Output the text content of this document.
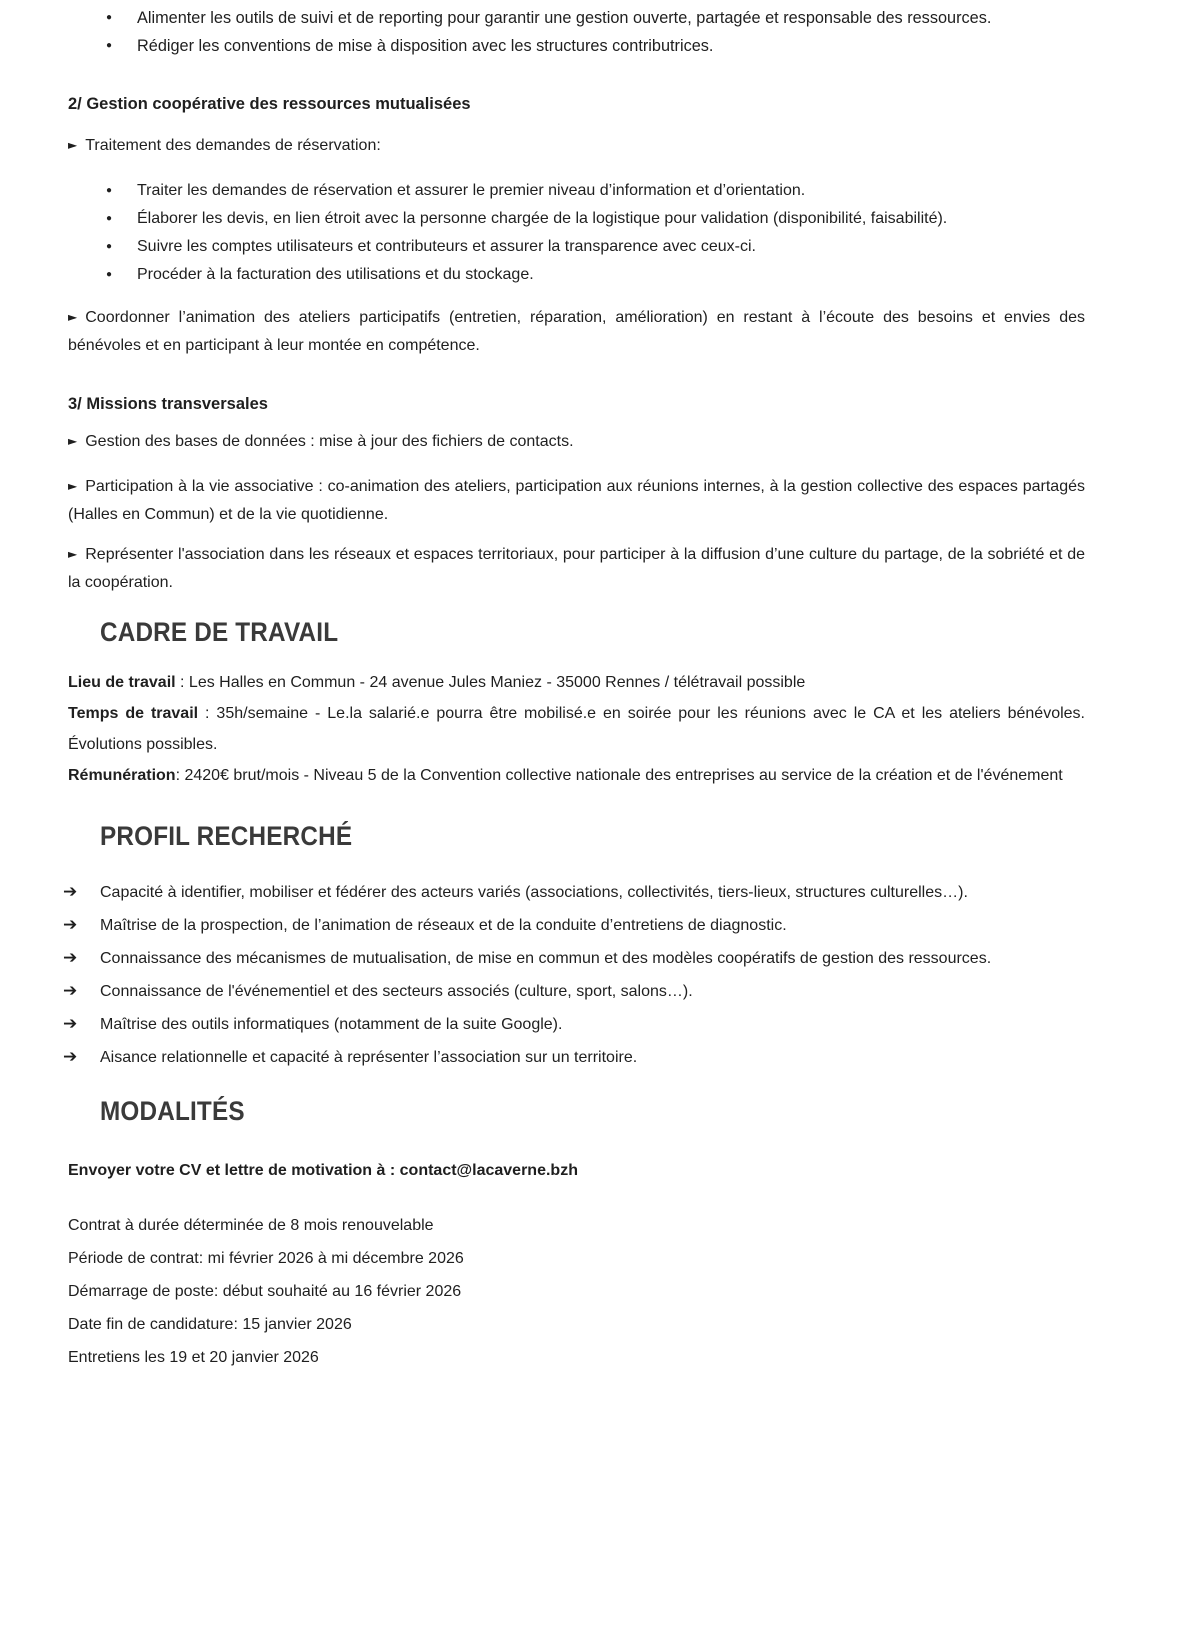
● Alimenter les outils de suivi et de reporting pour garantir une gestion ouverte, partagée et responsable des ressources.
● Rédiger les conventions de mise à disposition avec les structures contributrices.
2/ Gestion coopérative des ressources mutualisées

► Traitement des demandes de réservation:

● Traiter les demandes de réservation et assurer le premier niveau d’information et d’orientation.
● Élaborer les devis, en lien étroit avec la personne chargée de la logistique pour validation (disponibilité, faisabilité).
● Suivre les comptes utilisateurs et contributeurs et assurer la transparence avec ceux-ci.
● Procéder à la facturation des utilisations et du stockage.

► Coordonner l’animation des ateliers participatifs (entretien, réparation, amélioration) en restant à l’écoute des besoins et envies des bénévoles et en participant à leur montée en compétence.

3/ Missions transversales

► Gestion des bases de données : mise à jour des fichiers de contacts.

► Participation à la vie associative : co-animation des ateliers, participation aux réunions internes, à la gestion collective des espaces partagés (Halles en Commun) et de la vie quotidienne.

► Représenter l'association dans les réseaux et espaces territoriaux, pour participer à la diffusion d’une culture du partage, de la sobriété et de la coopération.

CADRE DE TRAVAIL

Lieu de travail : Les Halles en Commun - 24 avenue Jules Maniez - 35000 Rennes / télétravail possible

Temps de travail : 35h/semaine - Le.la salarié.e pourra être mobilisé.e en soirée pour les réunions avec le CA et les ateliers bénévoles. Évolutions possibles.

Rémunération: 2420€ brut/mois - Niveau 5 de la Convention collective nationale des entreprises au service de la création et de l'événement

PROFIL RECHERCHÉ
➔ Capacité à identifier, mobiliser et fédérer des acteurs variés (associations, collectivités, tiers-lieux, structures culturelles…).
➔ Maîtrise de la prospection, de l’animation de réseaux et de la conduite d’entretiens de diagnostic.
➔ Connaissance des mécanismes de mutualisation, de mise en commun et des modèles coopératifs de gestion des ressources.
➔ Connaissance de l'événementiel et des secteurs associés (culture, sport, salons…).
➔ Maîtrise des outils informatiques (notamment de la suite Google).
➔ Aisance relationnelle et capacité à représenter l’association sur un territoire.
MODALITÉS

Envoyer votre CV et lettre de motivation à : contact@lacaverne.bzh

Contrat à durée déterminée de 8 mois renouvelable

Période de contrat: mi février 2026 à mi décembre 2026

Démarrage de poste: début souhaité au 16 février 2026

Date fin de candidature: 15 janvier 2026

Entretiens les 19 et 20 janvier 2026
